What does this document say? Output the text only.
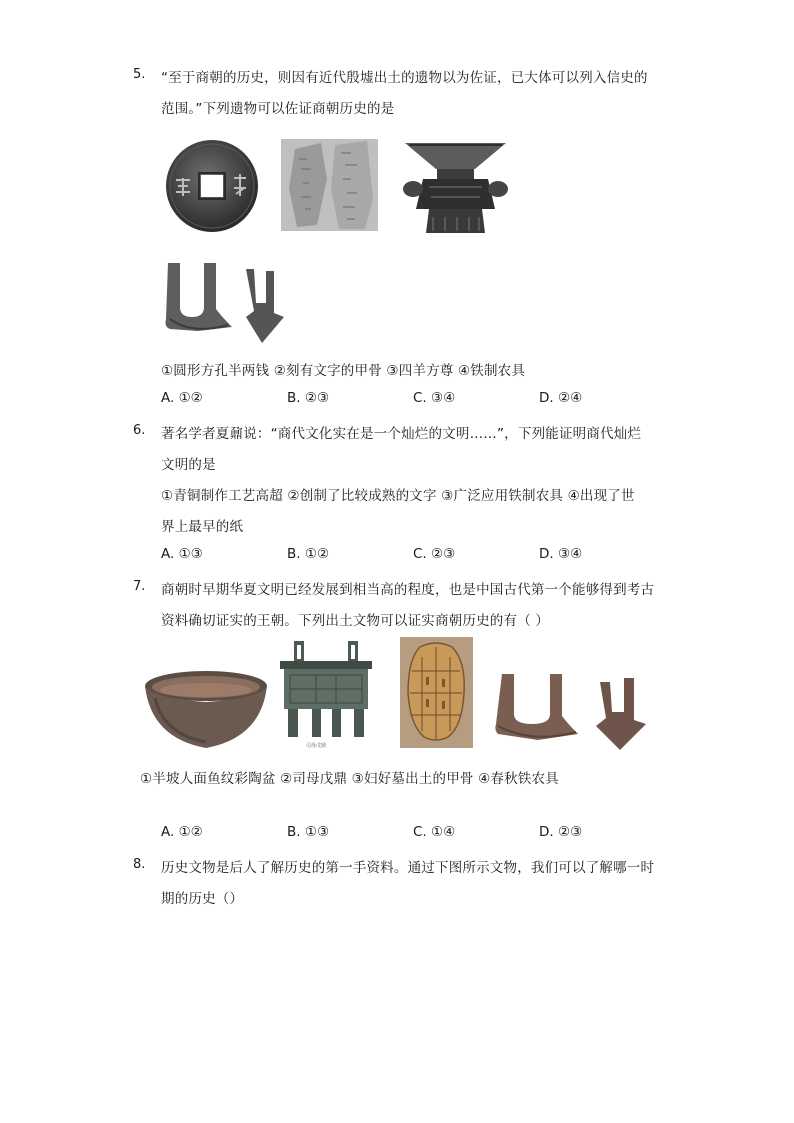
5. “至于商朝的历史，则因有近代殷墟出土的遗物以为佐证，已大体可以列入信史的
范围。”下列遗物可以佐证商朝历史的是
①圆形方孔半两钱 ②刻有文字的甲骨 ③四羊方尊 ④铁制农具
A. ①②	B. ②③	C. ③④	D. ②④
6. 著名学者夏鼐说：“商代文化实在是一个灿烂的文明……”，下列能证明商代灿烂
文明的是
①青铜制作工艺高超 ②创制了比较成熟的文字 ③广泛应用铁制农具 ④出现了世
界上最早的纸
A. ①③	B. ①②	C. ②③	D. ③④
7. 商朝时早期华夏文明已经发展到相当高的程度，也是中国古代第一个能够得到考古
资料确切证实的王朝。下列出土文物可以证实商朝历史的有（ ）
司母戊鼎
①半坡人面鱼纹彩陶盆 ②司母戊鼎 ③妇好墓出土的甲骨 ④春秋铁农具
A. ①②	B. ①③	C. ①④	D. ②③
8. 历史文物是后人了解历史的第一手资料。通过下图所示文物，我们可以了解哪一时
期的历史（）
